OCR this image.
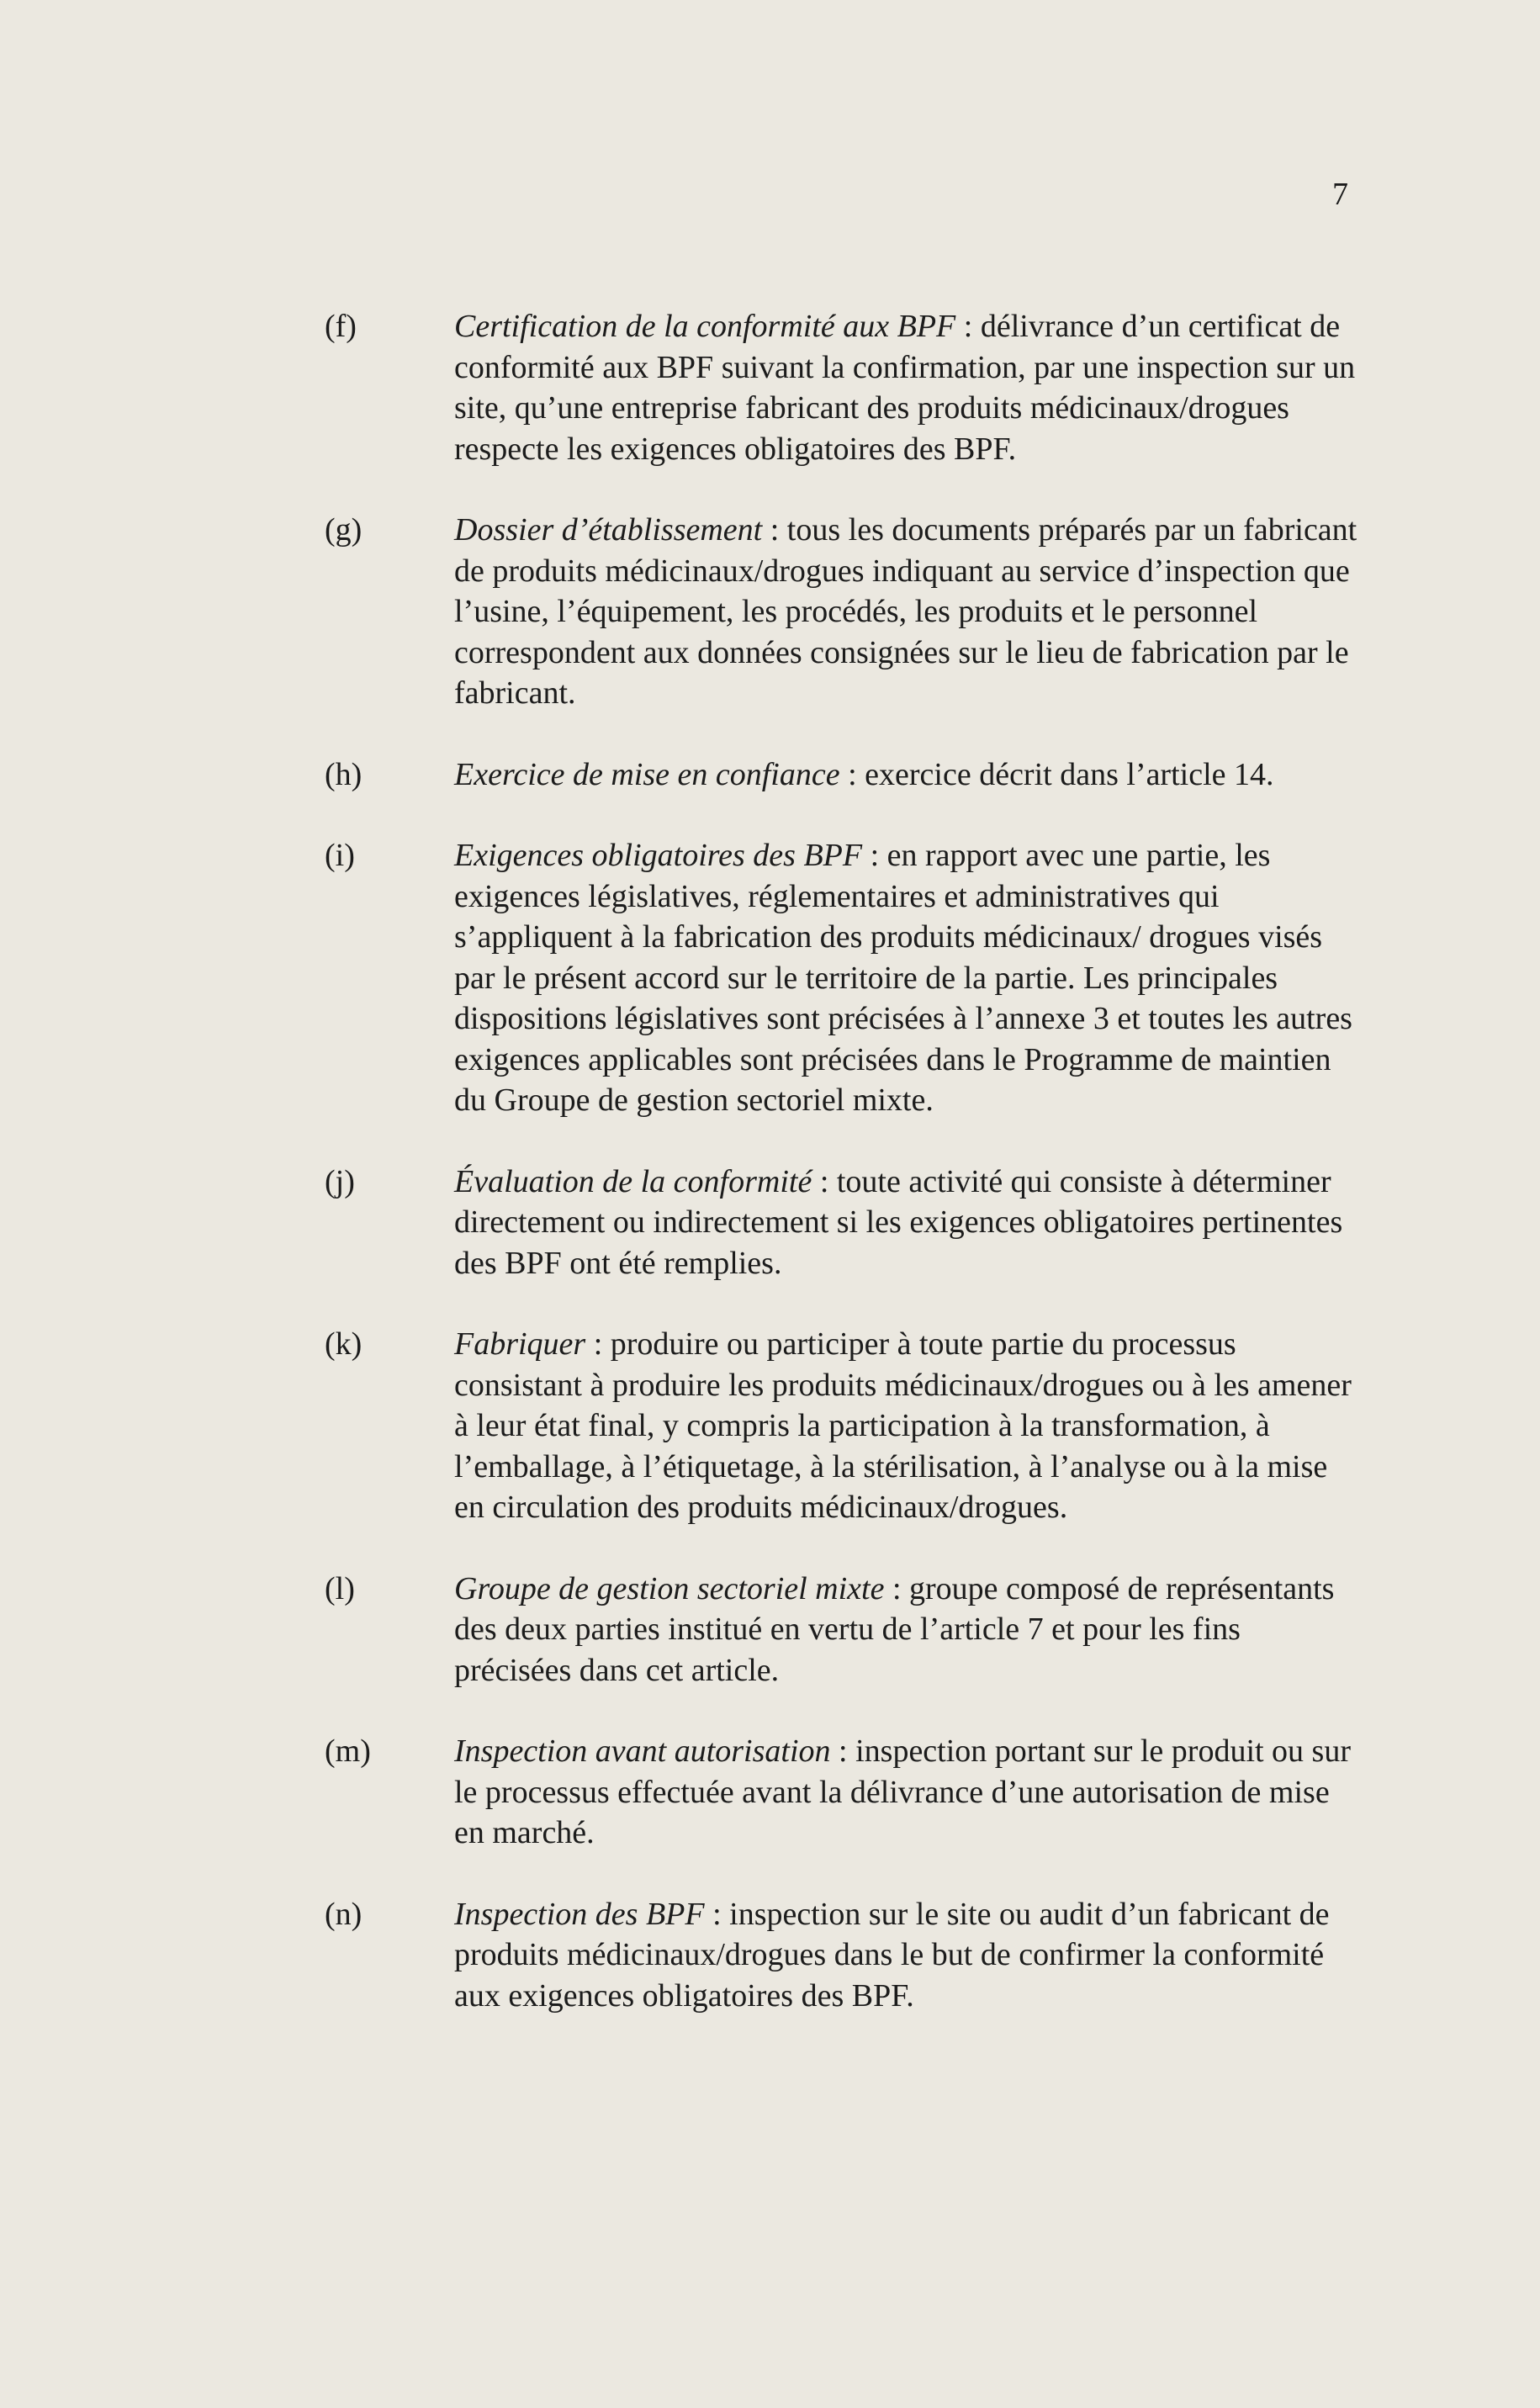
7
(f)	Certification de la conformité aux BPF : délivrance d’un certificat de conformité aux BPF suivant la confirmation, par une inspection sur un site, qu’une entreprise fabricant des produits médicinaux/drogues respecte les exigences obligatoires des BPF.

(g)	Dossier d’établissement : tous les documents préparés par un fabricant de produits médicinaux/drogues indiquant au service d’inspection que l’usine, l’équipement, les procédés, les produits et le personnel correspondent aux données consignées sur le lieu de fabrication par le fabricant.

(h)	Exercice de mise en confiance : exercice décrit dans l’article 14.

(i)	Exigences obligatoires des BPF : en rapport avec une partie, les exigences législatives, réglementaires et administratives qui s’appliquent à la fabrication des produits médicinaux/ drogues visés par le présent accord sur le territoire de la partie. Les principales dispositions législatives sont précisées à l’annexe 3 et toutes les autres exigences applicables sont précisées dans le Programme de maintien du Groupe de gestion sectoriel mixte.

(j)	Évaluation de la conformité : toute activité qui consiste à déterminer directement ou indirectement si les exigences obligatoires pertinentes des BPF ont été remplies.

(k)	Fabriquer : produire ou participer à toute partie du processus consistant à produire les produits médicinaux/drogues ou à les amener à leur état final, y compris la participation à la transformation, à l’emballage, à l’étiquetage, à la stérilisation, à l’analyse ou à la mise en circulation des produits médicinaux/drogues.

(l)	Groupe de gestion sectoriel mixte : groupe composé de représentants des deux parties institué en vertu de l’article 7 et pour les fins précisées dans cet article.

(m)	Inspection avant autorisation : inspection portant sur le produit ou sur le processus effectuée avant la délivrance d’une autorisation de mise en marché.

(n)	Inspection des BPF : inspection sur le site ou audit d’un fabricant de produits médicinaux/drogues dans le but de confirmer la conformité aux exigences obligatoires des BPF.
